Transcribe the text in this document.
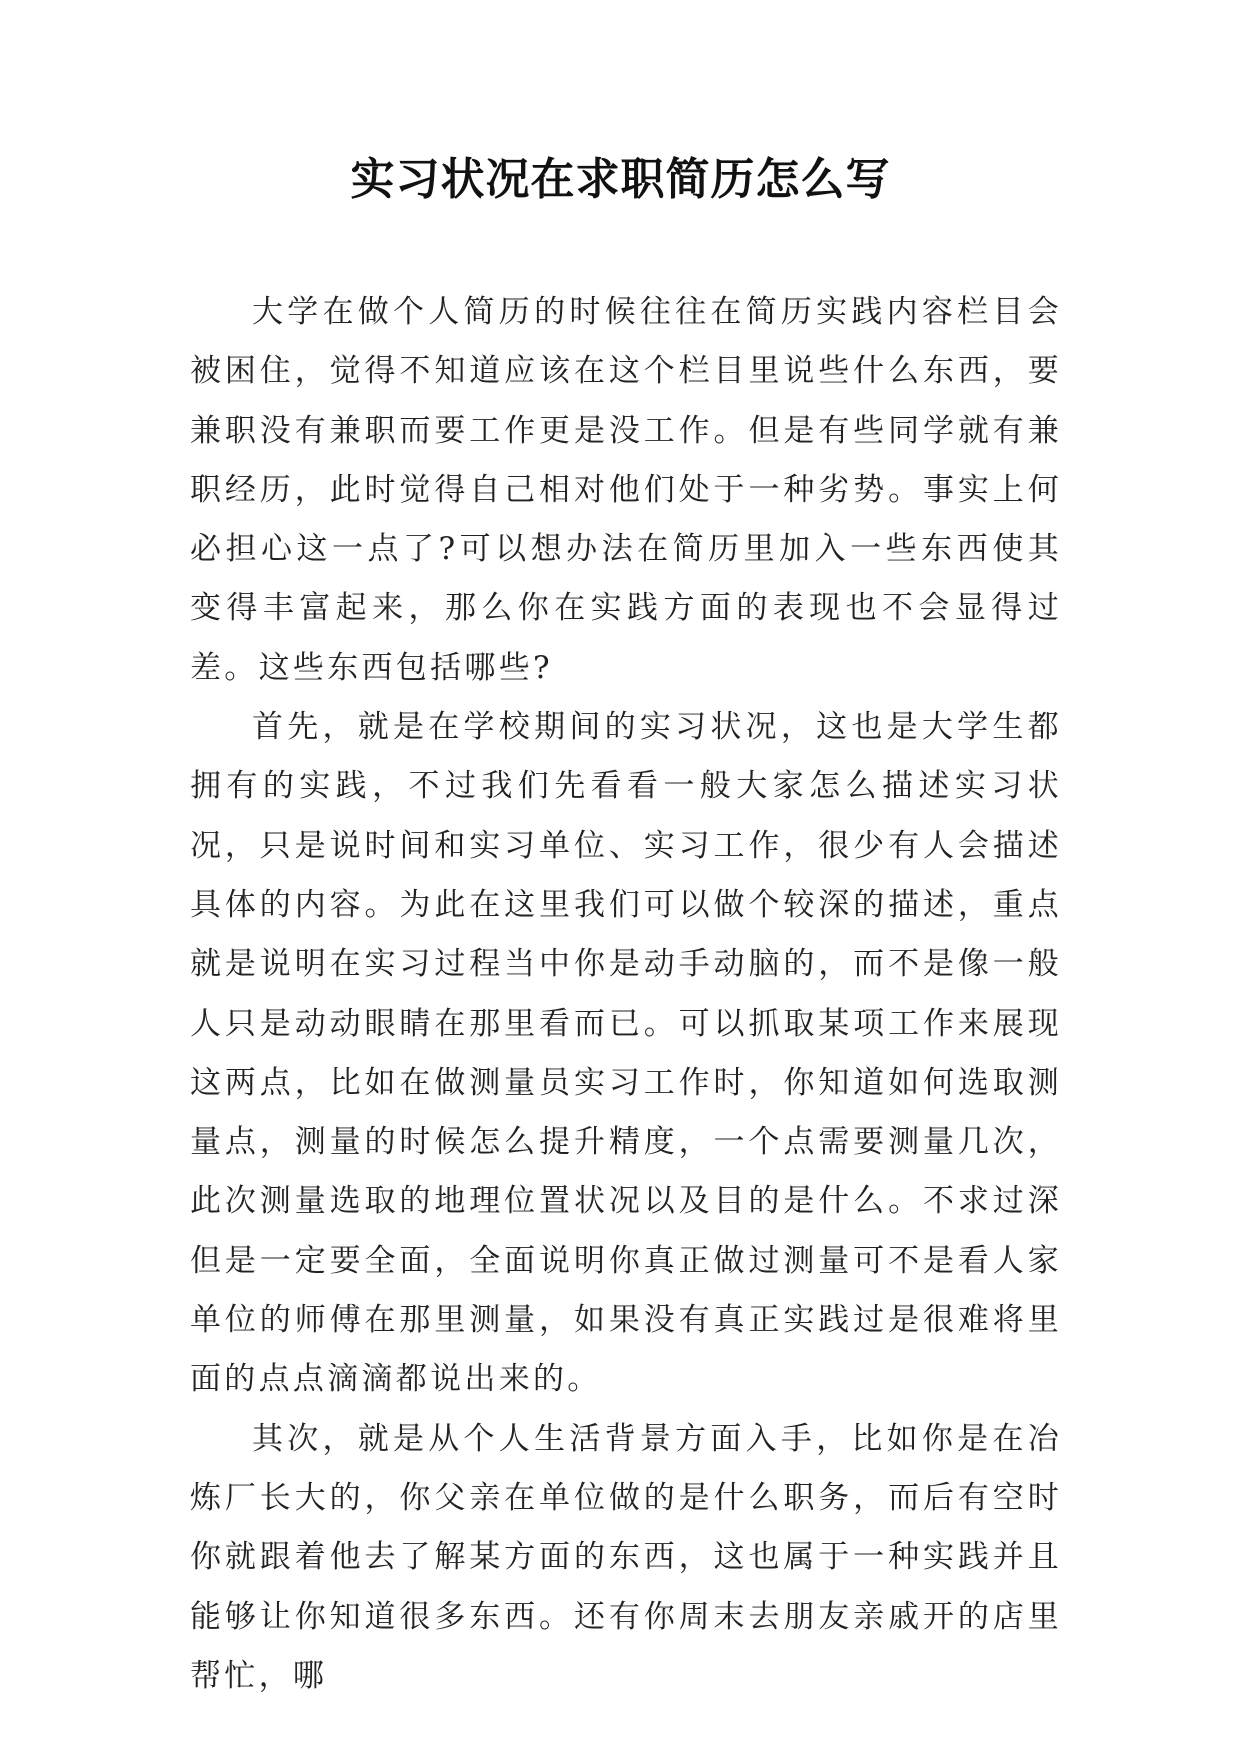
实习状况在求职简历怎么写

大学在做个人简历的时候往往在简历实践内容栏目会被困住，觉得不知道应该在这个栏目里说些什么东西，要兼职没有兼职而要工作更是没工作。但是有些同学就有兼职经历，此时觉得自己相对他们处于一种劣势。事实上何必担心这一点了?可以想办法在简历里加入一些东西使其变得丰富起来，那么你在实践方面的表现也不会显得过差。这些东西包括哪些?

首先，就是在学校期间的实习状况，这也是大学生都拥有的实践，不过我们先看看一般大家怎么描述实习状况，只是说时间和实习单位、实习工作，很少有人会描述具体的内容。为此在这里我们可以做个较深的描述，重点就是说明在实习过程当中你是动手动脑的，而不是像一般人只是动动眼睛在那里看而已。可以抓取某项工作来展现这两点，比如在做测量员实习工作时，你知道如何选取测量点，测量的时候怎么提升精度，一个点需要测量几次，此次测量选取的地理位置状况以及目的是什么。不求过深但是一定要全面，全面说明你真正做过测量可不是看人家单位的师傅在那里测量，如果没有真正实践过是很难将里面的点点滴滴都说出来的。

其次，就是从个人生活背景方面入手，比如你是在冶炼厂长大的，你父亲在单位做的是什么职务，而后有空时你就跟着他去了解某方面的东西，这也属于一种实践并且能够让你知道很多东西。还有你周末去朋友亲戚开的店里帮忙，哪
